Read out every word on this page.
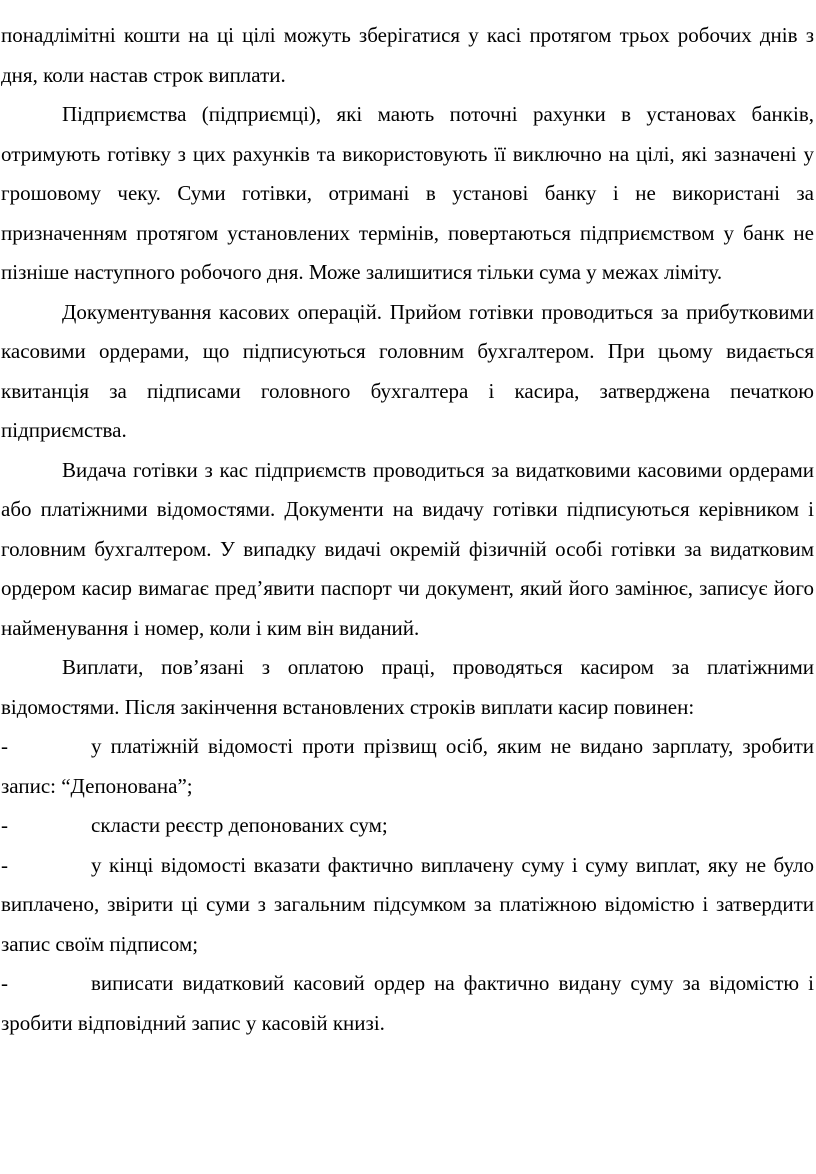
понадлімітні кошти на ці цілі можуть зберігатися у касі протягом трьох робочих днів з дня, коли настав строк виплати.

Підприємства (підприємці), які мають поточні рахунки в установах банків, отримують готівку з цих рахунків та використовують її виключно на цілі, які зазначені у грошовому чеку. Суми готівки, отримані в установі банку і не використані за призначенням протягом установлених термінів, повертаються підприємством у банк не пізніше наступного робочого дня. Може залишитися тільки сума у межах ліміту.

Документування касових операцій. Прийом готівки проводиться за прибутковими касовими ордерами, що підписуються головним бухгалтером. При цьому видається квитанція за підписами головного бухгалтера і касира, затверджена печаткою підприємства.

Видача готівки з кас підприємств проводиться за видатковими касовими ордерами або платіжними відомостями. Документи на видачу готівки підписуються керівником і головним бухгалтером. У випадку видачі окремій фізичній особі готівки за видатковим ордером касир вимагає пред’явити паспорт чи документ, який його замінює, записує його найменування і номер, коли і ким він виданий.

Виплати, пов’язані з оплатою праці, проводяться касиром за платіжними відомостями. Після закінчення встановлених строків виплати касир повинен:

-	у платіжній відомості проти прізвищ осіб, яким не видано зарплату, зробити запис: “Депонована”;
-	скласти реєстр депонованих сум;
-	у кінці відомості вказати фактично виплачену суму і суму виплат, яку не було виплачено, звірити ці суми з загальним підсумком за платіжною відомістю і затвердити запис своїм підписом;
-	виписати видатковий касовий ордер на фактично видану суму за відомістю і зробити відповідний запис у касовій книзі.
